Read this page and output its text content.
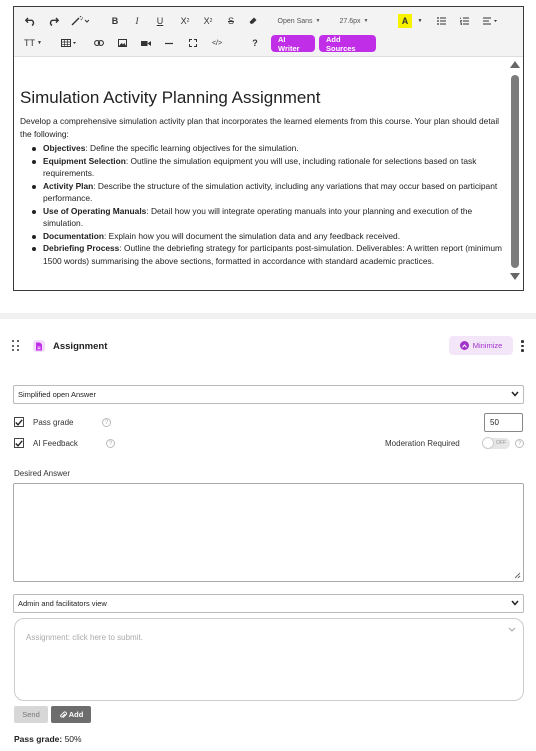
B	I	U	X 2 X 2	S	Open Sans ▼	27.6px ▼	A	▼
TT ▼	</>	?	AI Writer
Add Sources
Simulation Activity Planning Assignment

Develop a comprehensive simulation activity plan that incorporates the learned elements from this course. Your plan should detail the following:

Objectives: Define the specific learning objectives for the simulation.
Equipment Selection: Outline the simulation equipment you will use, including rationale for selections based on task requirements.
Activity Plan: Describe the structure of the simulation activity, including any variations that may occur based on participant performance.
Use of Operating Manuals: Detail how you will integrate operating manuals into your planning and execution of the simulation.
Documentation: Explain how you will document the simulation data and any feedback received.
Debriefing Process: Outline the debriefing strategy for participants post-simulation. Deliverables: A written report (minimum 1500 words) summarising the above sections, formatted in accordance with standard academic practices.
Assignment	Minimize
Simplified open Answer
Pass grade	?	50
AI Feedback	?	Moderation Required	OFF	?
Desired Answer
Admin and facilitators view
Assignment: click here to submit.
Send	Add
Pass grade: 50%
